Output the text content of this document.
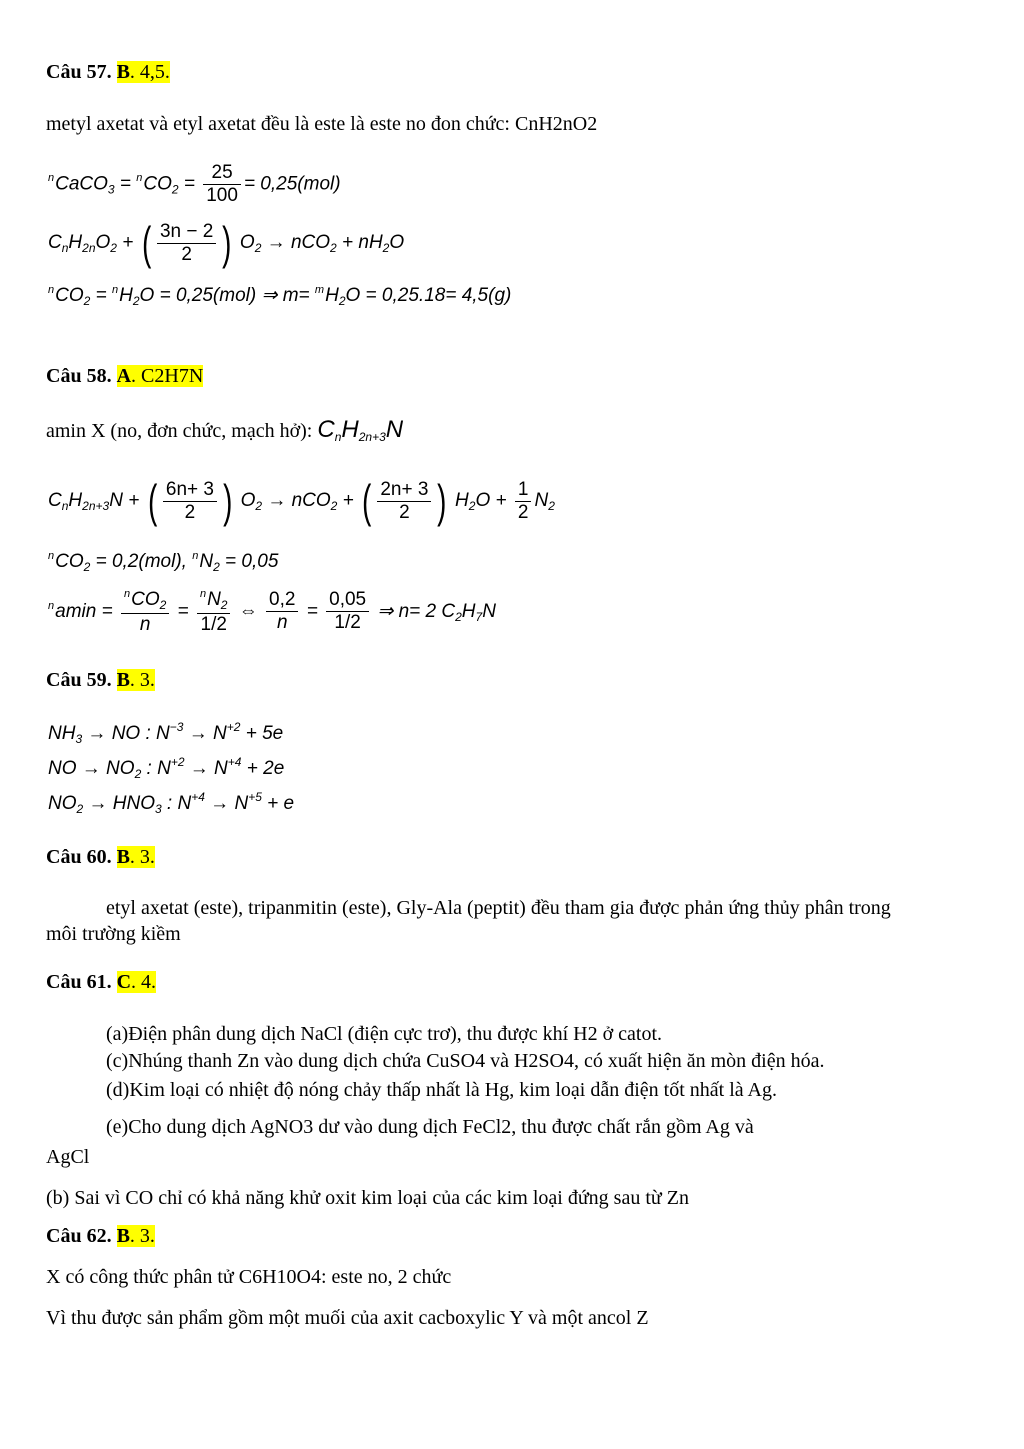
Câu 57. B. 4,5.
metyl axetat và etyl axetat đều là este là este no đon chức: CnH2nO2
$^n$CaCO$_3$ = $^nCO_2 = \frac{25}{100} = 0,25(mol)$
$C_nH_{2n}O_2$ + ( $\frac{3n - 2}{2}$ ) $O_2 \to nCO_2 + nH_2O$
$^nCO_2 = ^nH_2O = 0,25(mol)$ ⇒ $m= ^mH_2O = 0,25.18= 4,5(g)$
Câu 58. A. C2H7N
amin X (no, đơn chức, mạch hở): $C_nH_{2n+3}N$
$C_nH_{2n+3}N$ + ( $\frac{6n+ 3}{2}$ ) $O_2 \to nCO_2$ + ( $\frac{2n+ 3}{2}$ ) $H_2O + \frac{1}{2} N_2$
$^nCO_2 = 0,2(mol)$, $^nN_2 = 0,05$
$^n$amin =
$^nCO_2$
n
= $\frac{^nN_2}{1/2}$ ⇔ $\frac{0,2}{n} = \frac{0,05}{1/2}$ ⇒ n= 2 $C_2H_7N$
Câu 59. B. 3.
$NH_3$ → NO : $N^{-3} \to N^{+2} + 5e$
NO → $NO_2$ : $N^{+2} \to N^{+4} + 2e$
$NO_2 \to HNO_3$ : $N^{+4} \to N^{+5} + e$
Câu 60. B. 3.
etyl axetat (este), tripanmitin (este), Gly-Ala (peptit) đều tham gia được phản ứng thủy phân trong
môi trường kiềm
Câu 61. C. 4.
(a)Điện phân dung dịch NaCl (điện cực trơ), thu được khí H2 ở catot.
(c)Nhúng thanh Zn vào dung dịch chứa CuSO4 và H2SO4, có xuất hiện ăn mòn điện hóa.
(d)Kim loại có nhiệt độ nóng chảy thấp nhất là Hg, kim loại dẫn điện tốt nhất là Ag.
(e)Cho dung dịch AgNO3 dư vào dung dịch FeCl2, thu được chất rắn gồm Ag và
AgCl
(b) Sai vì CO chỉ có khả năng khử oxit kim loại của các kim loại đứng sau từ Zn
Câu 62. B. 3.
X có công thức phân tử C6H10O4: este no, 2 chức
Vì thu được sản phẩm gồm một muối của axit cacboxylic Y và một ancol Z
